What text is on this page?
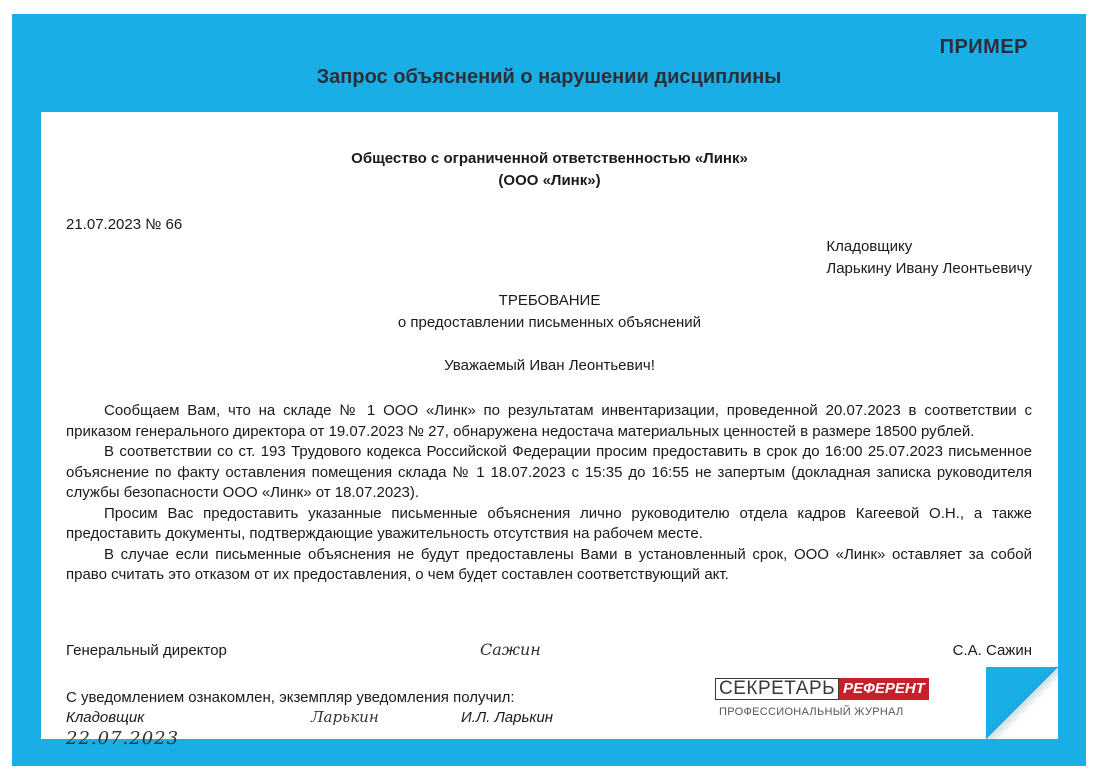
ПРИМЕР
Запрос объяснений о нарушении дисциплины
Общество с ограниченной ответственностью «Линк»
(ООО «Линк»)
21.07.2023 № 66
Кладовщику
Ларькину Ивану Леонтьевичу
ТРЕБОВАНИЕ
о предоставлении письменных объяснений
Уважаемый Иван Леонтьевич!

Сообщаем Вам, что на складе № 1 ООО «Линк» по результатам инвентаризации, проведенной 20.07.2023 в соответствии с приказом генерального директора от 19.07.2023 № 27, обнаружена недостача материальных ценностей в размере 18500 рублей.

В соответствии со ст. 193 Трудового кодекса Российской Федерации просим предоставить в срок до 16:00 25.07.2023 письменное объяснение по факту оставления помещения склада № 1 18.07.2023 с 15:35 до 16:55 не запертым (докладная записка руководителя службы безопасности ООО «Линк» от 18.07.2023).

Просим Вас предоставить указанные письменные объяснения лично руководителю отдела кадров Кагеевой О.Н., а также предоставить документы, подтверждающие уважительность отсутствия на рабочем месте.

В случае если письменные объяснения не будут предоставлены Вами в установленный срок, ООО «Линк» оставляет за собой право считать это отказом от их предоставления, о чем будет составлен соответствующий акт.

Генеральный директор	Сажин	С.А. Сажин
С уведомлением ознакомлен, экземпляр уведомления получил:
Кладовщик	Ларькин	И.Л. Ларькин
22.07.2023
СЕКРЕТАРЬ РЕФЕРЕНТ
ПРОФЕССИОНАЛЬНЫЙ ЖУРНАЛ
